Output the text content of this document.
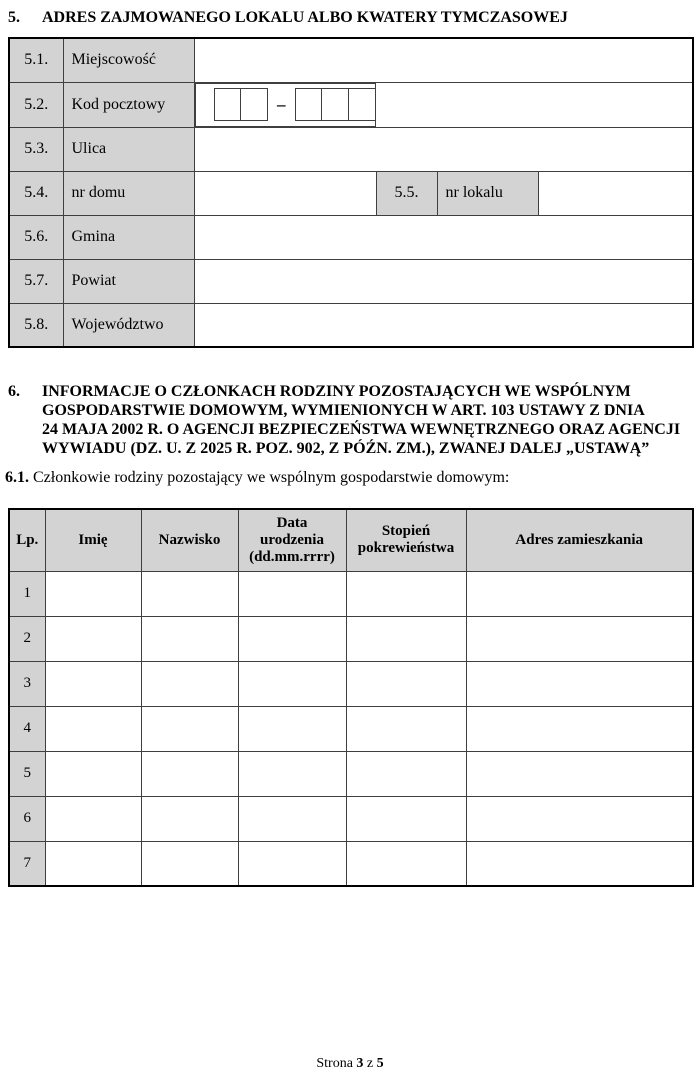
5. ADRES ZAJMOWANEGO LOKALU ALBO KWATERY TYMCZASOWEJ
5.1.	Miejscowość				
5.2.	Kod pocztowy		–

5.3.	Ulica				
5.4.	nr domu		5.5.	nr lokalu	
5.6.	Gmina				
5.7.	Powiat				
5.8.	Województwo				
6. INFORMACJE O CZŁONKACH RODZINY POZOSTAJĄCYCH WE WSPÓLNYM
GOSPODARSTWIE DOMOWYM, WYMIENIONYCH W ART. 103 USTAWY Z DNIA
24 MAJA 2002 R. O AGENCJI BEZPIECZEŃSTWA WEWNĘTRZNEGO ORAZ AGENCJI
WYWIADU (DZ. U. Z 2025 R. POZ. 902, Z PÓŹN. ZM.), ZWANEJ DALEJ „USTAWĄ”
6.1. Członkowie rodziny pozostający we wspólnym gospodarstwie domowym:
Lp.	Imię	Nazwisko	Data urodzenia (dd.mm.rrrr)	Stopień pokrewieństwa	Adres zamieszkania
1					
2					
3					
4					
5					
6					
7					
Strona 3 z 5
